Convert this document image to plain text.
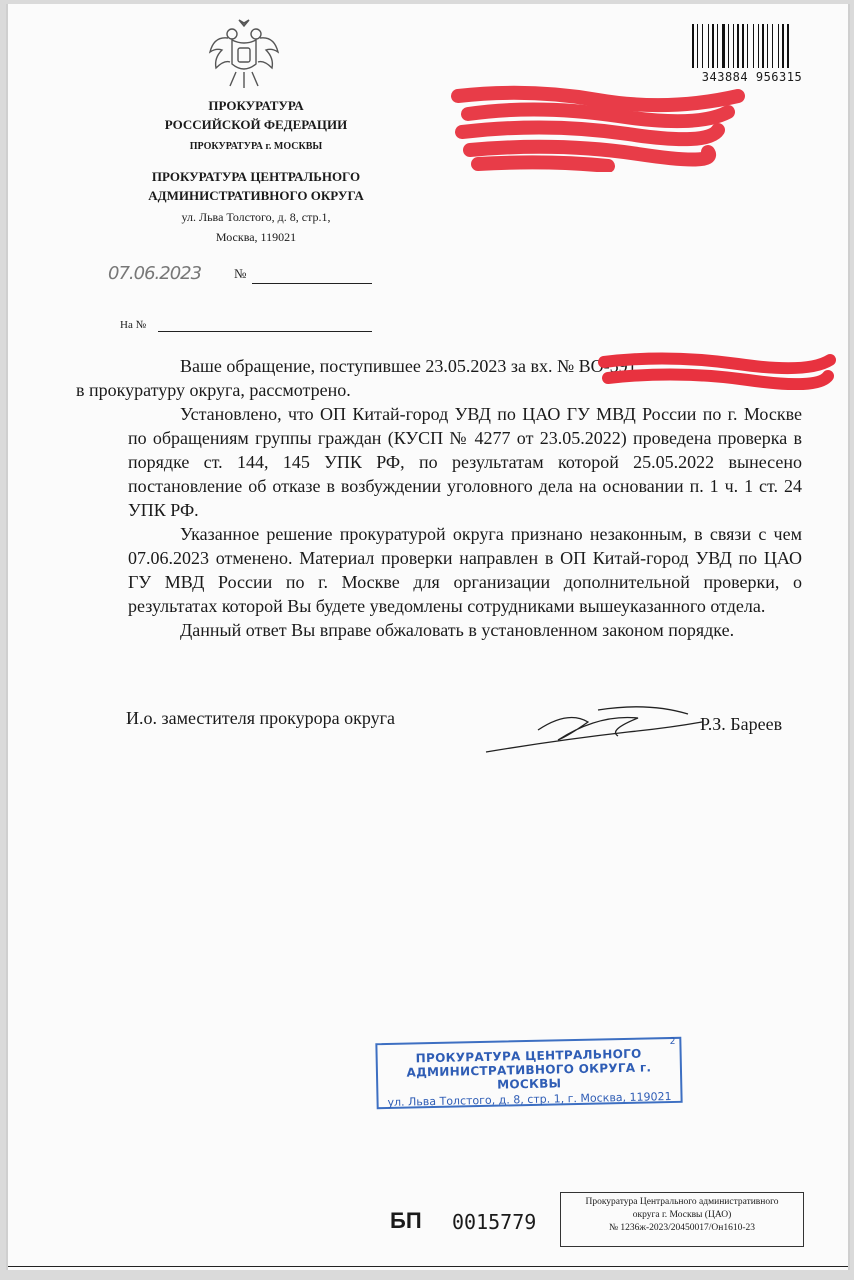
ПРОКУРАТУРА
РОССИЙСКОЙ ФЕДЕРАЦИИ
ПРОКУРАТУРА г. МОСКВЫ
ПРОКУРАТУРА ЦЕНТРАЛЬНОГО
АДМИНИСТРАТИВНОГО ОКРУГА
ул. Льва Толстого, д. 8, стр.1,
Москва, 119021
343884 956315
07.06.2023	№
На №

Ваше обращение, поступившее 23.05.2023 за вх. № ВО-591
в прокуратуру округа, рассмотрено.

Установлено, что ОП Китай-город УВД по ЦАО ГУ МВД России по г. Москве по обращениям группы граждан (КУСП № 4277 от 23.05.2022) проведена проверка в порядке ст. 144, 145 УПК РФ, по результатам которой 25.05.2022 вынесено постановление об отказе в возбуждении уголовного дела на основании п. 1 ч. 1 ст. 24 УПК РФ.

Указанное решение прокуратурой округа признано незаконным, в связи с чем 07.06.2023 отменено. Материал проверки направлен в ОП Китай-город УВД по ЦАО ГУ МВД России по г. Москве для организации дополнительной проверки, о результатах которой Вы будете уведомлены сотрудниками вышеуказанного отдела.

Данный ответ Вы вправе обжаловать в установленном законом порядке.

И.о. заместителя прокурора округа	Р.З. Бареев
2
ПРОКУРАТУРА ЦЕНТРАЛЬНОГО
АДМИНИСТРАТИВНОГО ОКРУГА г. МОСКВЫ
ул. Льва Толстого, д. 8, стр. 1, г. Москва, 119021
БП 0015779
Прокуратура Центрального административного
округа г. Москвы (ЦАО)
№ 1236ж-2023/20450017/Он1610-23
